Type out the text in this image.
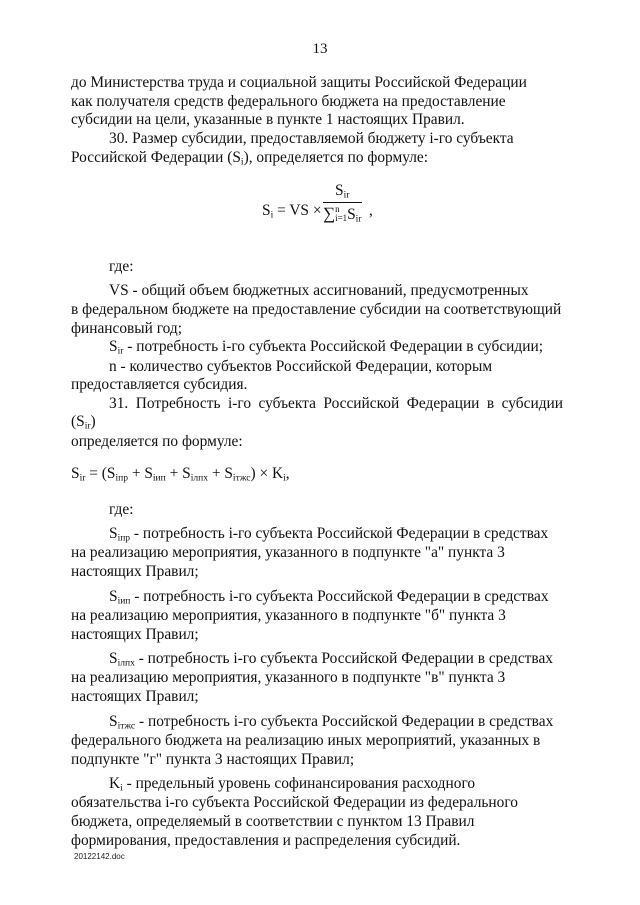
13

до Министерства труда и социальной защиты Российской Федерации

как получателя средств федерального бюджета на предоставление

субсидии на цели, указанные в пункте 1 настоящих Правил.

30. Размер субсидии, предоставляемой бюджету i-го субъекта

Российской Федерации $(S_i)$, определяется по формуле:

$S_i$ = VS ×
$S_{ir}$
∑n
$i=1S_{ir}$
,

где:

VS - общий объем бюджетных ассигнований, предусмотренных

в федеральном бюджете на предоставление субсидии на соответствующий

финансовый год;

$S_{ir}$ - потребность i-го субъекта Российской Федерации в субсидии;

n - количество субъектов Российской Федерации, которым

предоставляется субсидия.

31. Потребность i-го субъекта Российской Федерации в субсидии $(S_{ir})$

определяется по формуле:

$S_{ir} = (S_{iпр} + S_{iип} + S_{iлпх} + S_{iтжс}) \times K_i$,

где:

$S_{iпр}$ - потребность i-го субъекта Российской Федерации в средствах

на реализацию мероприятия, указанного в подпункте "а" пункта 3

настоящих Правил;

$S_{iип}$ - потребность i-го субъекта Российской Федерации в средствах

на реализацию мероприятия, указанного в подпункте "б" пункта 3

настоящих Правил;

$S_{iлпх}$ - потребность i-го субъекта Российской Федерации в средствах

на реализацию мероприятия, указанного в подпункте "в" пункта 3

настоящих Правил;

$S_{iтжс}$ - потребность i-го субъекта Российской Федерации в средствах

федерального бюджета на реализацию иных мероприятий, указанных в

подпункте "г" пункта 3 настоящих Правил;

$K_i$ - предельный уровень софинансирования расходного

обязательства i-го субъекта Российской Федерации из федерального

бюджета, определяемый в соответствии с пунктом 13 Правил

формирования, предоставления и распределения субсидий.

20122142.doc
